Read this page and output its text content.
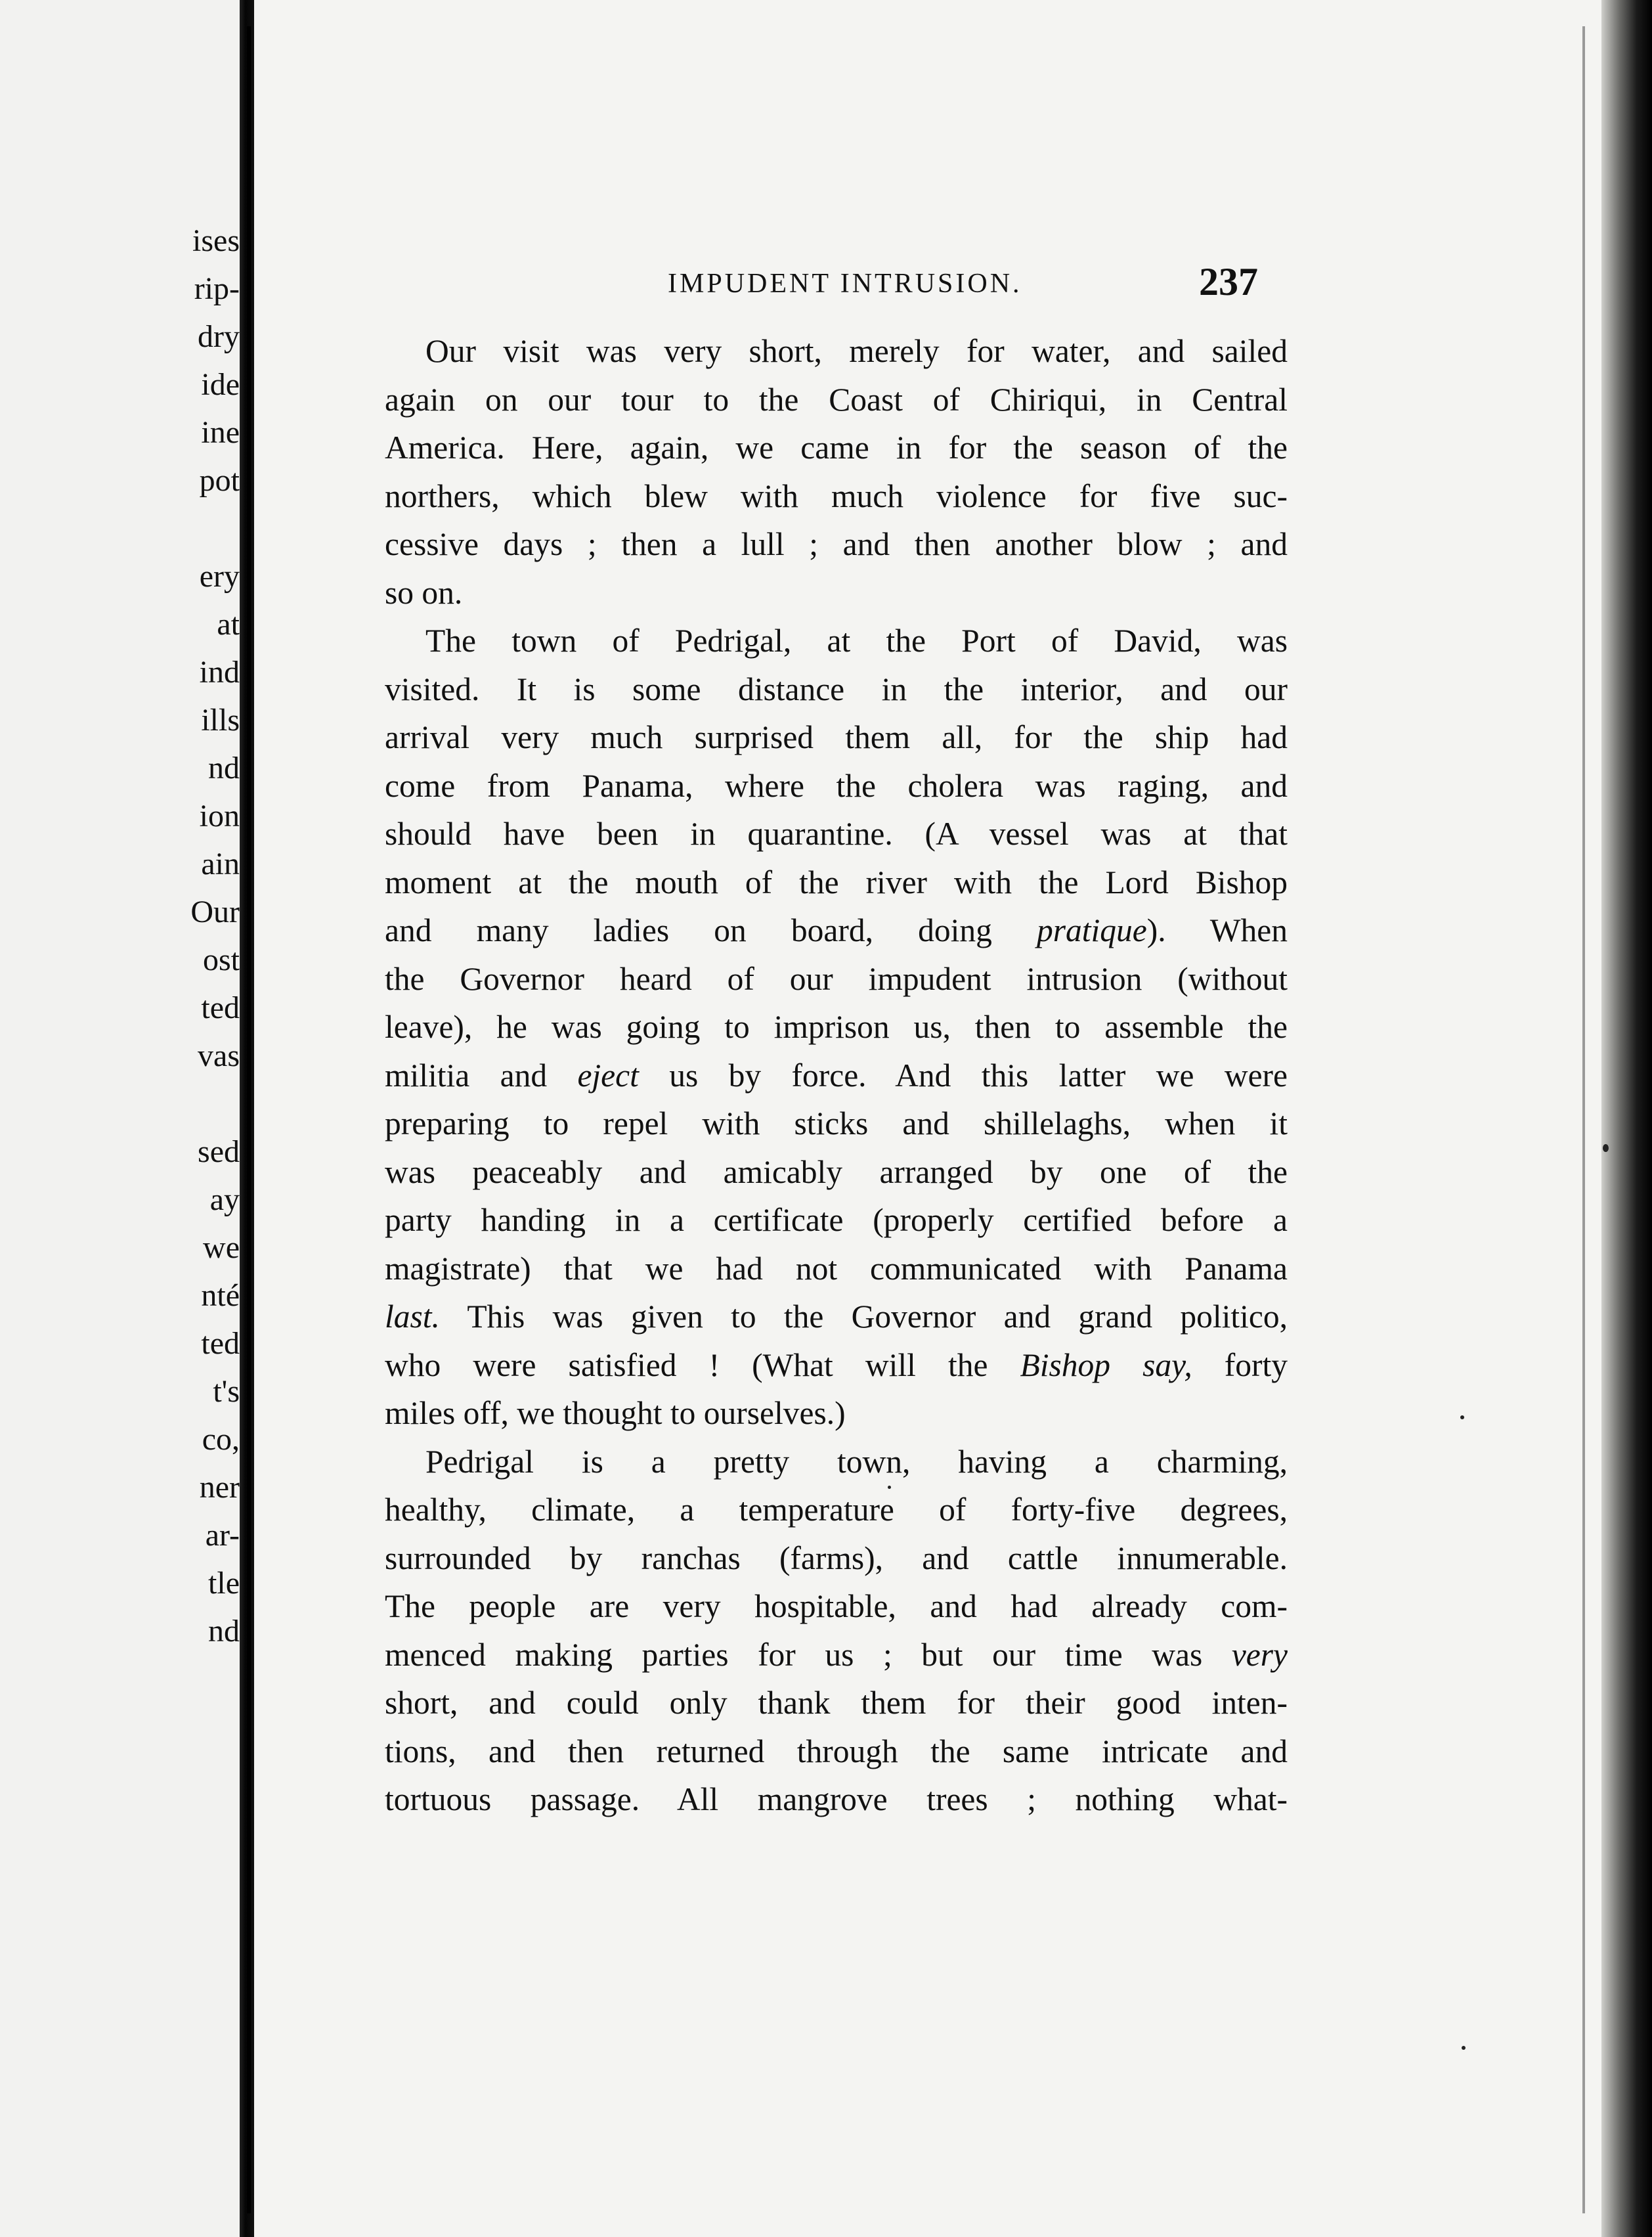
ises
rip-
dry
ide
ine
pot
ery
at
ind
ills
nd
ion
ain
Our
ost
ted
vas
sed
ay
we
nté
ted
t's
co,
ner
ar-
tle
nd
IMPUDENT INTRUSION.	237

Our visit was very short, merely for water, and sailed
again on our tour to the Coast of Chiriqui, in Central
America. Here, again, we came in for the season of the
northers, which blew with much violence for five suc-
cessive days ; then a lull ; and then another blow ; and
so on.

The town of Pedrigal, at the Port of David, was
visited. It is some distance in the interior, and our
arrival very much surprised them all, for the ship had
come from Panama, where the cholera was raging, and
should have been in quarantine. (A vessel was at that
moment at the mouth of the river with the Lord Bishop
and many ladies on board, doing pratique). When
the Governor heard of our impudent intrusion (without
leave), he was going to imprison us, then to assemble the
militia and eject us by force. And this latter we were
preparing to repel with sticks and shillelaghs, when it
was peaceably and amicably arranged by one of the
party handing in a certificate (properly certified before a
magistrate) that we had not communicated with Panama
last. This was given to the Governor and grand politico,
who were satisfied ! (What will the Bishop say, forty
miles off, we thought to ourselves.)

Pedrigal is a pretty town, having a charming,
healthy, climate, a temperature of forty-five degrees,
surrounded by ranchas (farms), and cattle innumerable.
The people are very hospitable, and had already com-
menced making parties for us ; but our time was very
short, and could only thank them for their good inten-
tions, and then returned through the same intricate and
tortuous passage. All mangrove trees ; nothing what-
